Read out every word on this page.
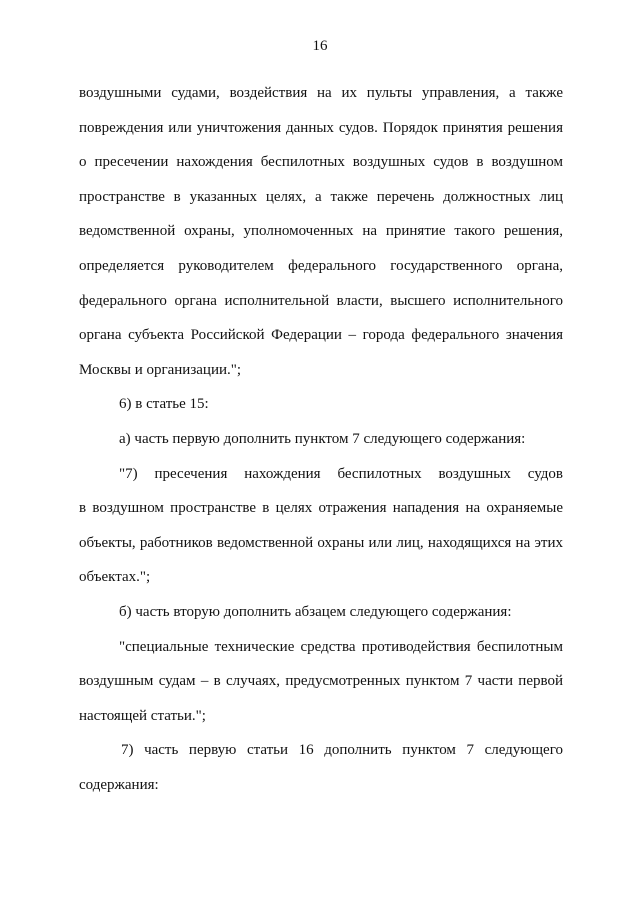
16
воздушными судами, воздействия на их пульты управления, а также
повреждения или уничтожения данных судов. Порядок принятия решения
о пресечении нахождения беспилотных воздушных судов в воздушном
пространстве в указанных целях, а также перечень должностных лиц
ведомственной охраны, уполномоченных на принятие такого решения,
определяется руководителем федерального государственного органа,
федерального органа исполнительной власти, высшего исполнительного
органа субъекта Российской Федерации – города федерального значения
Москвы и организации.";
6) в статье 15:
а) часть первую дополнить пунктом 7 следующего содержания:
"7) пресечения нахождения беспилотных воздушных судов
в воздушном пространстве в целях отражения нападения на охраняемые
объекты, работников ведомственной охраны или лиц, находящихся на этих
объектах.";
б) часть вторую дополнить абзацем следующего содержания:
"специальные технические средства противодействия беспилотным
воздушным судам – в случаях, предусмотренных пунктом 7 части первой
настоящей статьи.";
7) часть первую статьи 16 дополнить пунктом 7 следующего
содержания:
